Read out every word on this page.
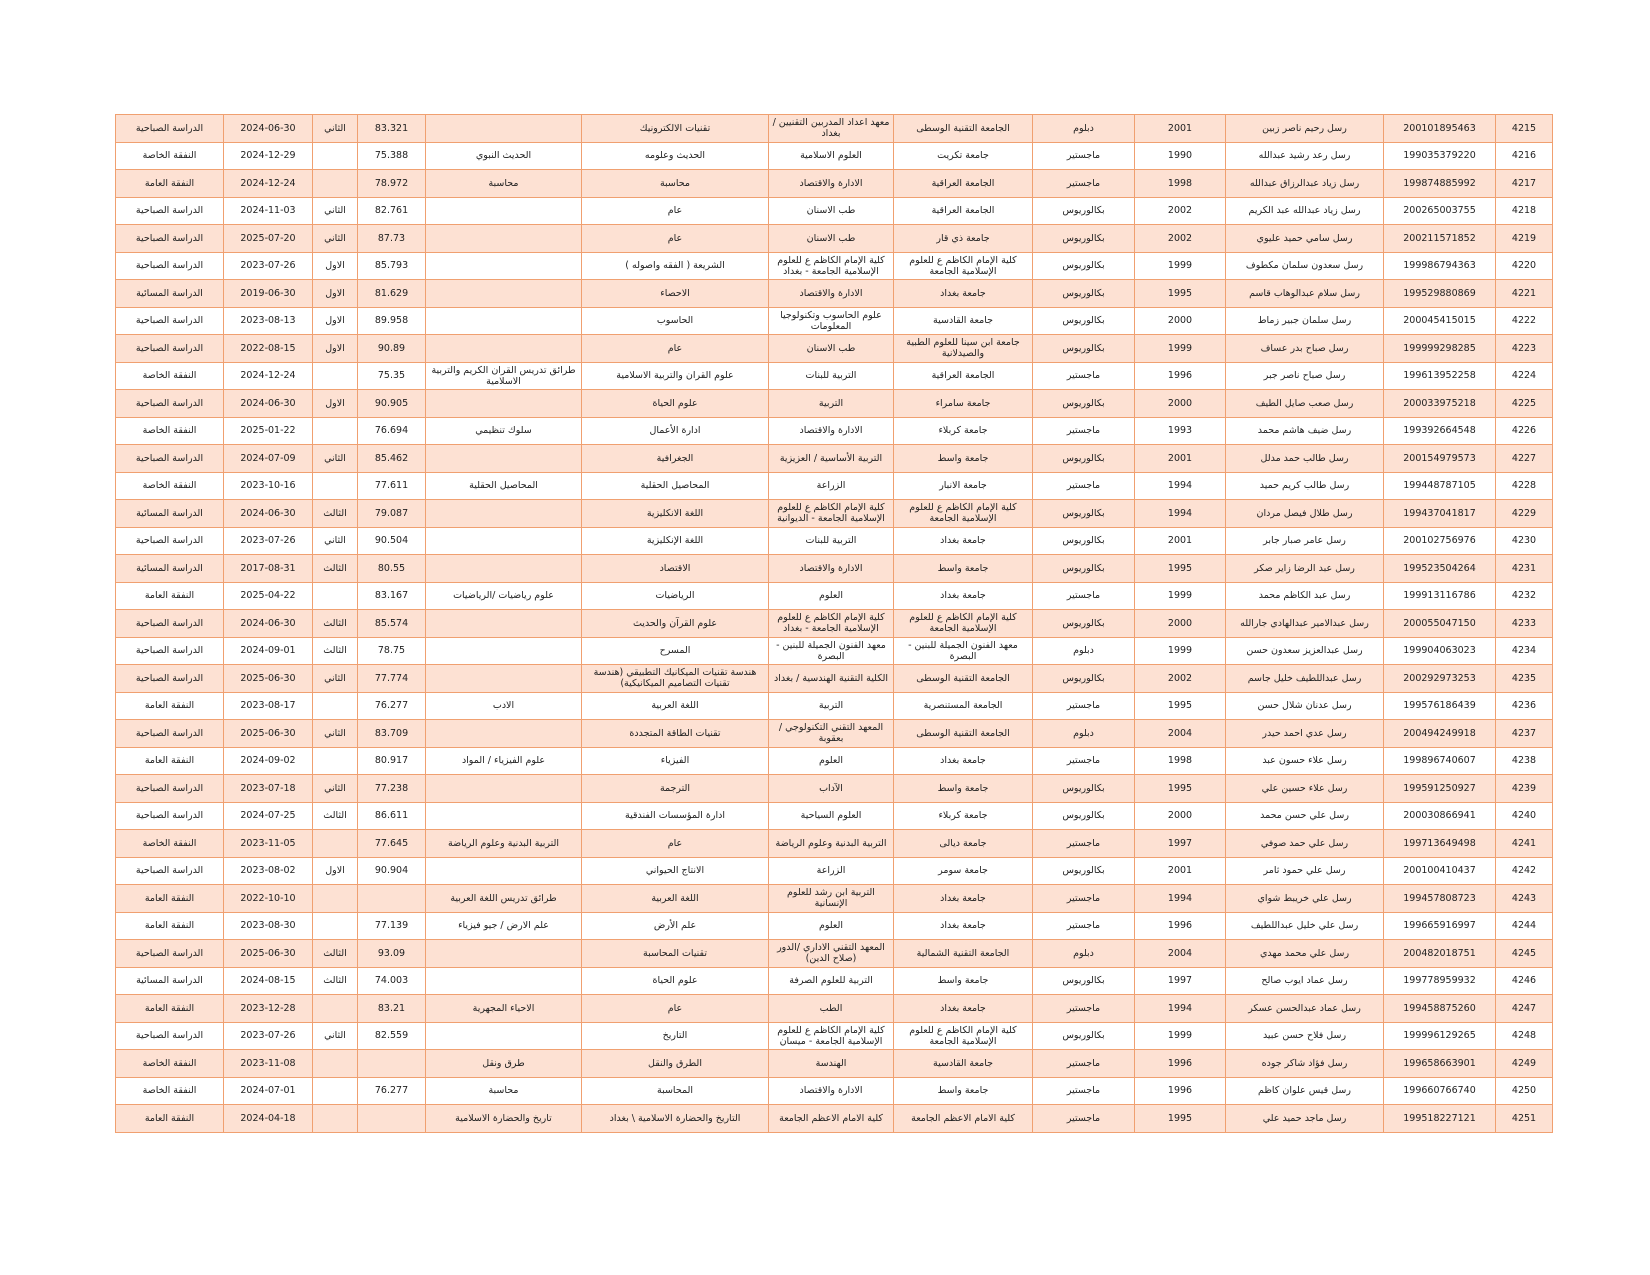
الدراسة الصباحية	2024-06-30	الثاني	83.321		تقنيات الالكترونيك	معهد اعداد المدربين التقنيين / بغداد	الجامعة التقنية الوسطى	دبلوم	2001	رسل رحيم ناصر زبين	200101895463	4215
النفقة الخاصة	2024-12-29		75.388	الحديث النبوي	الحديث وعلومه	العلوم الاسلامية	جامعة تكريت	ماجستير	1990	رسل رعد رشيد عبدالله	199035379220	4216
النفقة العامة	2024-12-24		78.972	محاسبة	محاسبة	الادارة والاقتصاد	الجامعة العراقية	ماجستير	1998	رسل زياد عبدالرزاق عبدالله	199874885992	4217
الدراسة الصباحية	2024-11-03	الثاني	82.761		عام	طب الاسنان	الجامعة العراقية	بكالوريوس	2002	رسل زياد عبدالله عبد الكريم	200265003755	4218
الدراسة الصباحية	2025-07-20	الثاني	87.73		عام	طب الاسنان	جامعة ذي قار	بكالوريوس	2002	رسل سامي حميد عليوي	200211571852	4219
الدراسة الصباحية	2023-07-26	الاول	85.793		الشريعة ( الفقه واصوله )	كلية الإمام الكاظم ع للعلوم الإسلامية الجامعة - بغداد	كلية الإمام الكاظم ع للعلوم الإسلامية الجامعة	بكالوريوس	1999	رسل سعدون سلمان مكطوف	199986794363	4220
الدراسة المسائية	2019-06-30	الاول	81.629		الاحصاء	الادارة والاقتصاد	جامعة بغداد	بكالوريوس	1995	رسل سلام عبدالوهاب قاسم	199529880869	4221
الدراسة الصباحية	2023-08-13	الاول	89.958		الحاسوب	علوم الحاسوب وتكنولوجيا المعلومات	جامعة القادسية	بكالوريوس	2000	رسل سلمان جبير زماط	200045415015	4222
الدراسة الصباحية	2022-08-15	الاول	90.89		عام	طب الاسنان	جامعة ابن سينا للعلوم الطبية والصيدلانية	بكالوريوس	1999	رسل صباح بدر عساف	199999298285	4223
النفقة الخاصة	2024-12-24		75.35	طرائق تدريس القران الكريم والتربية الاسلامية	علوم القران والتربية الاسلامية	التربية للبنات	الجامعة العراقية	ماجستير	1996	رسل صباح ناصر جبر	199613952258	4224
الدراسة الصباحية	2024-06-30	الاول	90.905		علوم الحياة	التربية	جامعة سامراء	بكالوريوس	2000	رسل صعب صايل الطيف	200033975218	4225
النفقة الخاصة	2025-01-22		76.694	سلوك تنظيمي	ادارة الأعمال	الادارة والاقتصاد	جامعة كربلاء	ماجستير	1993	رسل ضيف هاشم محمد	199392664548	4226
الدراسة الصباحية	2024-07-09	الثاني	85.462		الجغرافية	التربية الأساسية / العزيزية	جامعة واسط	بكالوريوس	2001	رسل طالب حمد مدلل	200154979573	4227
النفقة الخاصة	2023-10-16		77.611	المحاصيل الحقلية	المحاصيل الحقلية	الزراعة	جامعة الانبار	ماجستير	1994	رسل طالب كريم حميد	199448787105	4228
الدراسة المسائية	2024-06-30	الثالث	79.087		اللغة الانكليزية	كلية الإمام الكاظم ع للعلوم الإسلامية الجامعة - الديوانية	كلية الإمام الكاظم ع للعلوم الإسلامية الجامعة	بكالوريوس	1994	رسل طلال فيصل مردان	199437041817	4229
الدراسة الصباحية	2023-07-26	الثاني	90.504		اللغة الإنكليزية	التربية للبنات	جامعة بغداد	بكالوريوس	2001	رسل عامر صبار جابر	200102756976	4230
الدراسة المسائية	2017-08-31	الثالث	80.55		الاقتصاد	الادارة والاقتصاد	جامعة واسط	بكالوريوس	1995	رسل عبد الرضا زاير صكر	199523504264	4231
النفقة العامة	2025-04-22		83.167	علوم رياضيات /الرياضيات	الرياضيات	العلوم	جامعة بغداد	ماجستير	1999	رسل عبد الكاظم محمد	199913116786	4232
الدراسة الصباحية	2024-06-30	الثالث	85.574		علوم القرآن والحديث	كلية الإمام الكاظم ع للعلوم الإسلامية الجامعة - بغداد	كلية الإمام الكاظم ع للعلوم الإسلامية الجامعة	بكالوريوس	2000	رسل عبدالامير عبدالهادي جارالله	200055047150	4233
الدراسة الصباحية	2024-09-01	الثالث	78.75		المسرح	معهد الفنون الجميلة للبنين - البصرة	معهد الفنون الجميلة للبنين - البصرة	دبلوم	1999	رسل عبدالعزيز سعدون حسن	199904063023	4234
الدراسة الصباحية	2025-06-30	الثاني	77.774		هندسة تقنيات الميكانيك التطبيقي (هندسة تقنيات التصاميم الميكانيكية)	الكلية التقنية الهندسية / بغداد	الجامعة التقنية الوسطى	بكالوريوس	2002	رسل عبداللطيف خليل جاسم	200292973253	4235
النفقة العامة	2023-08-17		76.277	الادب	اللغة العربية	التربية	الجامعة المستنصرية	ماجستير	1995	رسل عدنان شلال حسن	199576186439	4236
الدراسة الصباحية	2025-06-30	الثاني	83.709		تقنيات الطاقة المتجددة	المعهد التقني التكنولوجي / بعقوبة	الجامعة التقنية الوسطى	دبلوم	2004	رسل عدي احمد حيدر	200494249918	4237
النفقة العامة	2024-09-02		80.917	علوم الفيزياء / المواد	الفيزياء	العلوم	جامعة بغداد	ماجستير	1998	رسل علاء حسون عبد	199896740607	4238
الدراسة الصباحية	2023-07-18	الثاني	77.238		الترجمة	الآداب	جامعة واسط	بكالوريوس	1995	رسل علاء حسين علي	199591250927	4239
الدراسة الصباحية	2024-07-25	الثالث	86.611		ادارة المؤسسات الفندقية	العلوم السياحية	جامعة كربلاء	بكالوريوس	2000	رسل علي حسن محمد	200030866941	4240
النفقة الخاصة	2023-11-05		77.645	التربية البدنية وعلوم الرياضة	عام	التربية البدنية وعلوم الرياضة	جامعة ديالى	ماجستير	1997	رسل علي حمد صوفي	199713649498	4241
الدراسة الصباحية	2023-08-02	الاول	90.904		الانتاج الحيواني	الزراعة	جامعة سومر	بكالوريوس	2001	رسل علي حمود ثامر	200100410437	4242
النفقة العامة	2022-10-10			طرائق تدريس اللغة العربية	اللغة العربية	التربية ابن رشد للعلوم الإنسانية	جامعة بغداد	ماجستير	1994	رسل علي خريبط شواي	199457808723	4243
النفقة العامة	2023-08-30		77.139	علم الارض / جيو فيزياء	علم الأرض	العلوم	جامعة بغداد	ماجستير	1996	رسل علي خليل عبداللطيف	199665916997	4244
الدراسة الصباحية	2025-06-30	الثالث	93.09		تقنيات المحاسبة	المعهد التقني الاداري /الدور (صلاح الدين)	الجامعة التقنية الشمالية	دبلوم	2004	رسل علي محمد مهدي	200482018751	4245
الدراسة المسائية	2024-08-15	الثالث	74.003		علوم الحياة	التربية للعلوم الصرفة	جامعة واسط	بكالوريوس	1997	رسل عماد ايوب صالح	199778959932	4246
النفقة العامة	2023-12-28		83.21	الاحياء المجهرية	عام	الطب	جامعة بغداد	ماجستير	1994	رسل عماد عبدالحسن عسكر	199458875260	4247
الدراسة الصباحية	2023-07-26	الثاني	82.559		التاريخ	كلية الإمام الكاظم ع للعلوم الإسلامية الجامعة - ميسان	كلية الإمام الكاظم ع للعلوم الإسلامية الجامعة	بكالوريوس	1999	رسل فلاح حسن عبيد	199996129265	4248
النفقة الخاصة	2023-11-08			طرق ونقل	الطرق والنقل	الهندسة	جامعة القادسية	ماجستير	1996	رسل فؤاد شاكر جوده	199658663901	4249
النفقة الخاصة	2024-07-01		76.277	محاسبة	المحاسبة	الادارة والاقتصاد	جامعة واسط	ماجستير	1996	رسل قيس علوان كاظم	199660766740	4250
النفقة العامة	2024-04-18			تاريخ والحضارة الاسلامية	التاريخ والحضارة الاسلامية \ بغداد	كلية الامام الاعظم الجامعة	كلية الامام الاعظم الجامعة	ماجستير	1995	رسل ماجد حميد علي	199518227121	4251
